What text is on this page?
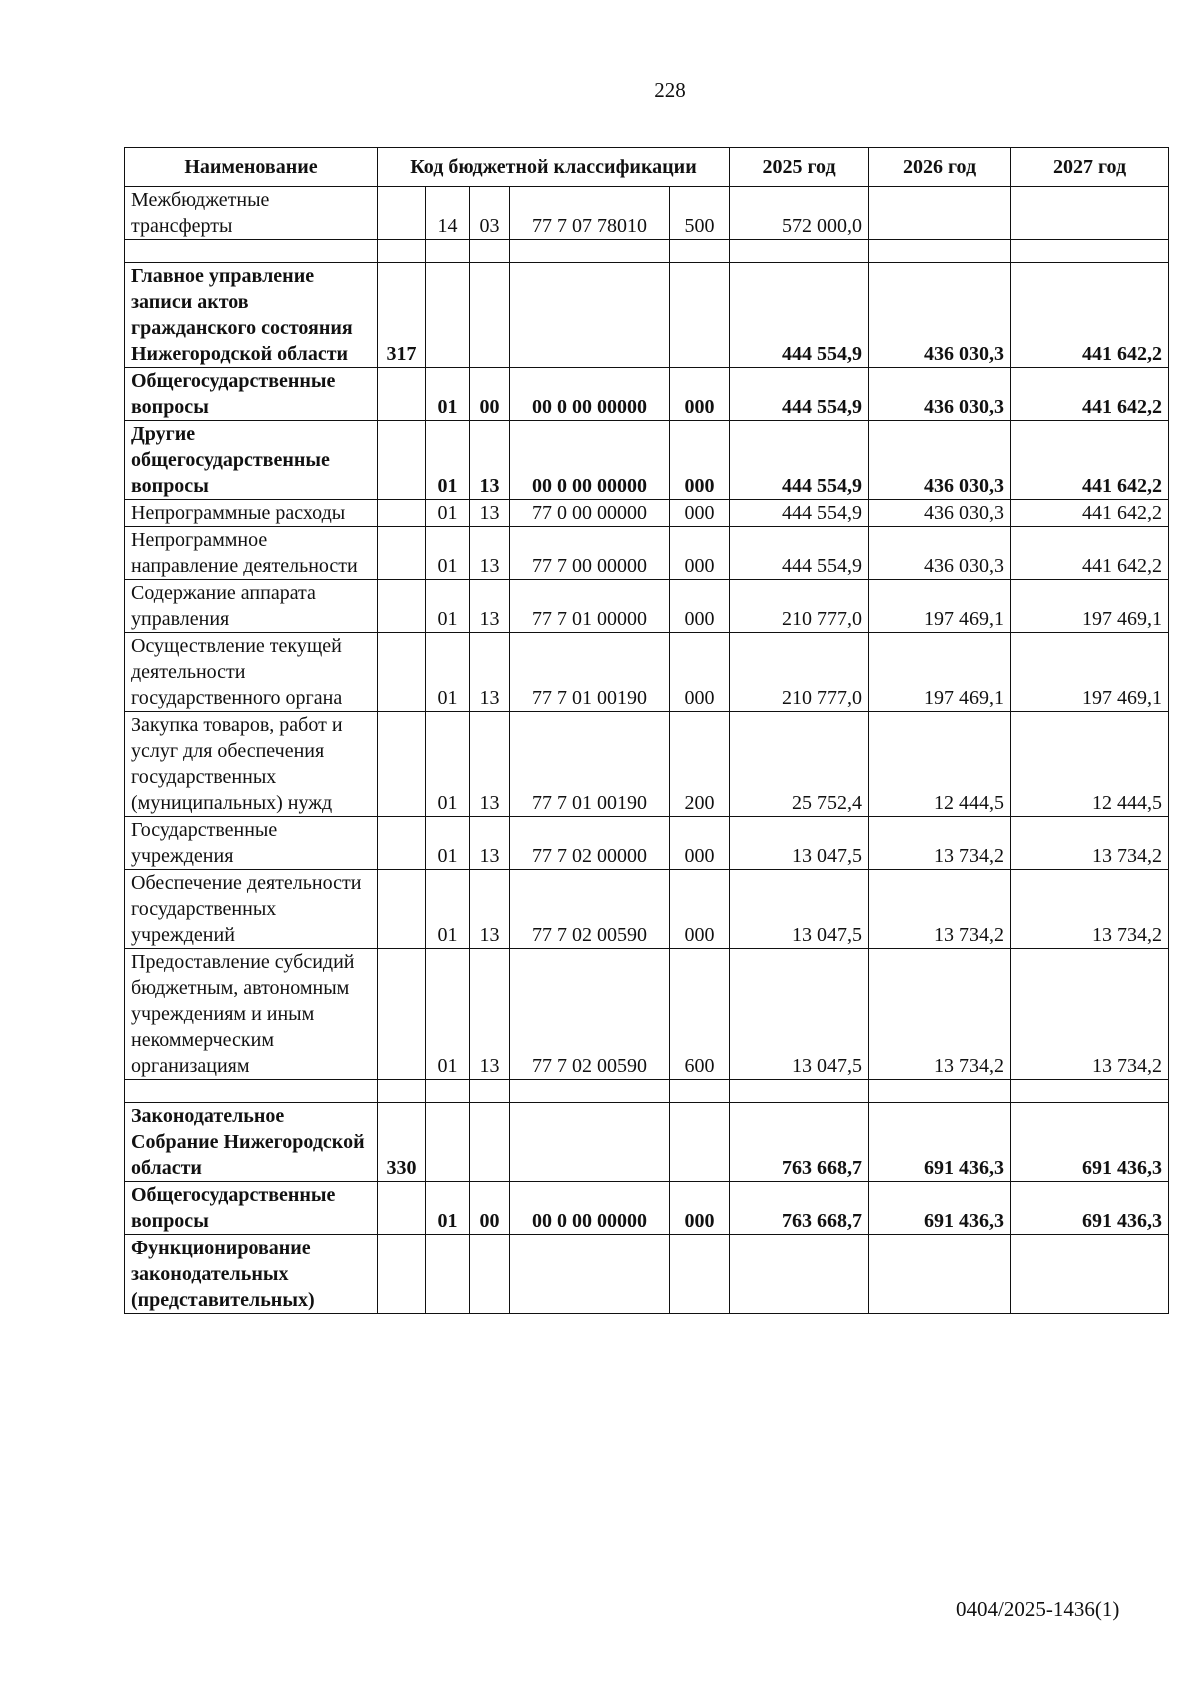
228
Наименование	Код бюджетной классификации					2025 год	2026 год	2027 год
Межбюджетные трансферты		14	03	77 7 07 78010	500	572 000,0		

Главное управление записи актов гражданского состояния Нижегородской области	317					444 554,9	436 030,3	441 642,2
Общегосударственные вопросы		01	00	00 0 00 00000	000	444 554,9	436 030,3	441 642,2
Другие общегосударственные вопросы		01	13	00 0 00 00000	000	444 554,9	436 030,3	441 642,2
Непрограммные расходы		01	13	77 0 00 00000	000	444 554,9	436 030,3	441 642,2
Непрограммное направление деятельности		01	13	77 7 00 00000	000	444 554,9	436 030,3	441 642,2
Содержание аппарата управления		01	13	77 7 01 00000	000	210 777,0	197 469,1	197 469,1
Осуществление текущей деятельности государственного органа		01	13	77 7 01 00190	000	210 777,0	197 469,1	197 469,1
Закупка товаров, работ и услуг для обеспечения государственных (муниципальных) нужд		01	13	77 7 01 00190	200	25 752,4	12 444,5	12 444,5
Государственные учреждения		01	13	77 7 02 00000	000	13 047,5	13 734,2	13 734,2
Обеспечение деятельности государственных учреждений		01	13	77 7 02 00590	000	13 047,5	13 734,2	13 734,2
Предоставление субсидий бюджетным, автономным учреждениям и иным некоммерческим организациям		01	13	77 7 02 00590	600	13 047,5	13 734,2	13 734,2

Законодательное Собрание Нижегородской области	330					763 668,7	691 436,3	691 436,3
Общегосударственные вопросы		01	00	00 0 00 00000	000	763 668,7	691 436,3	691 436,3
Функционирование законодательных (представительных)								
0404/2025-1436(1)
